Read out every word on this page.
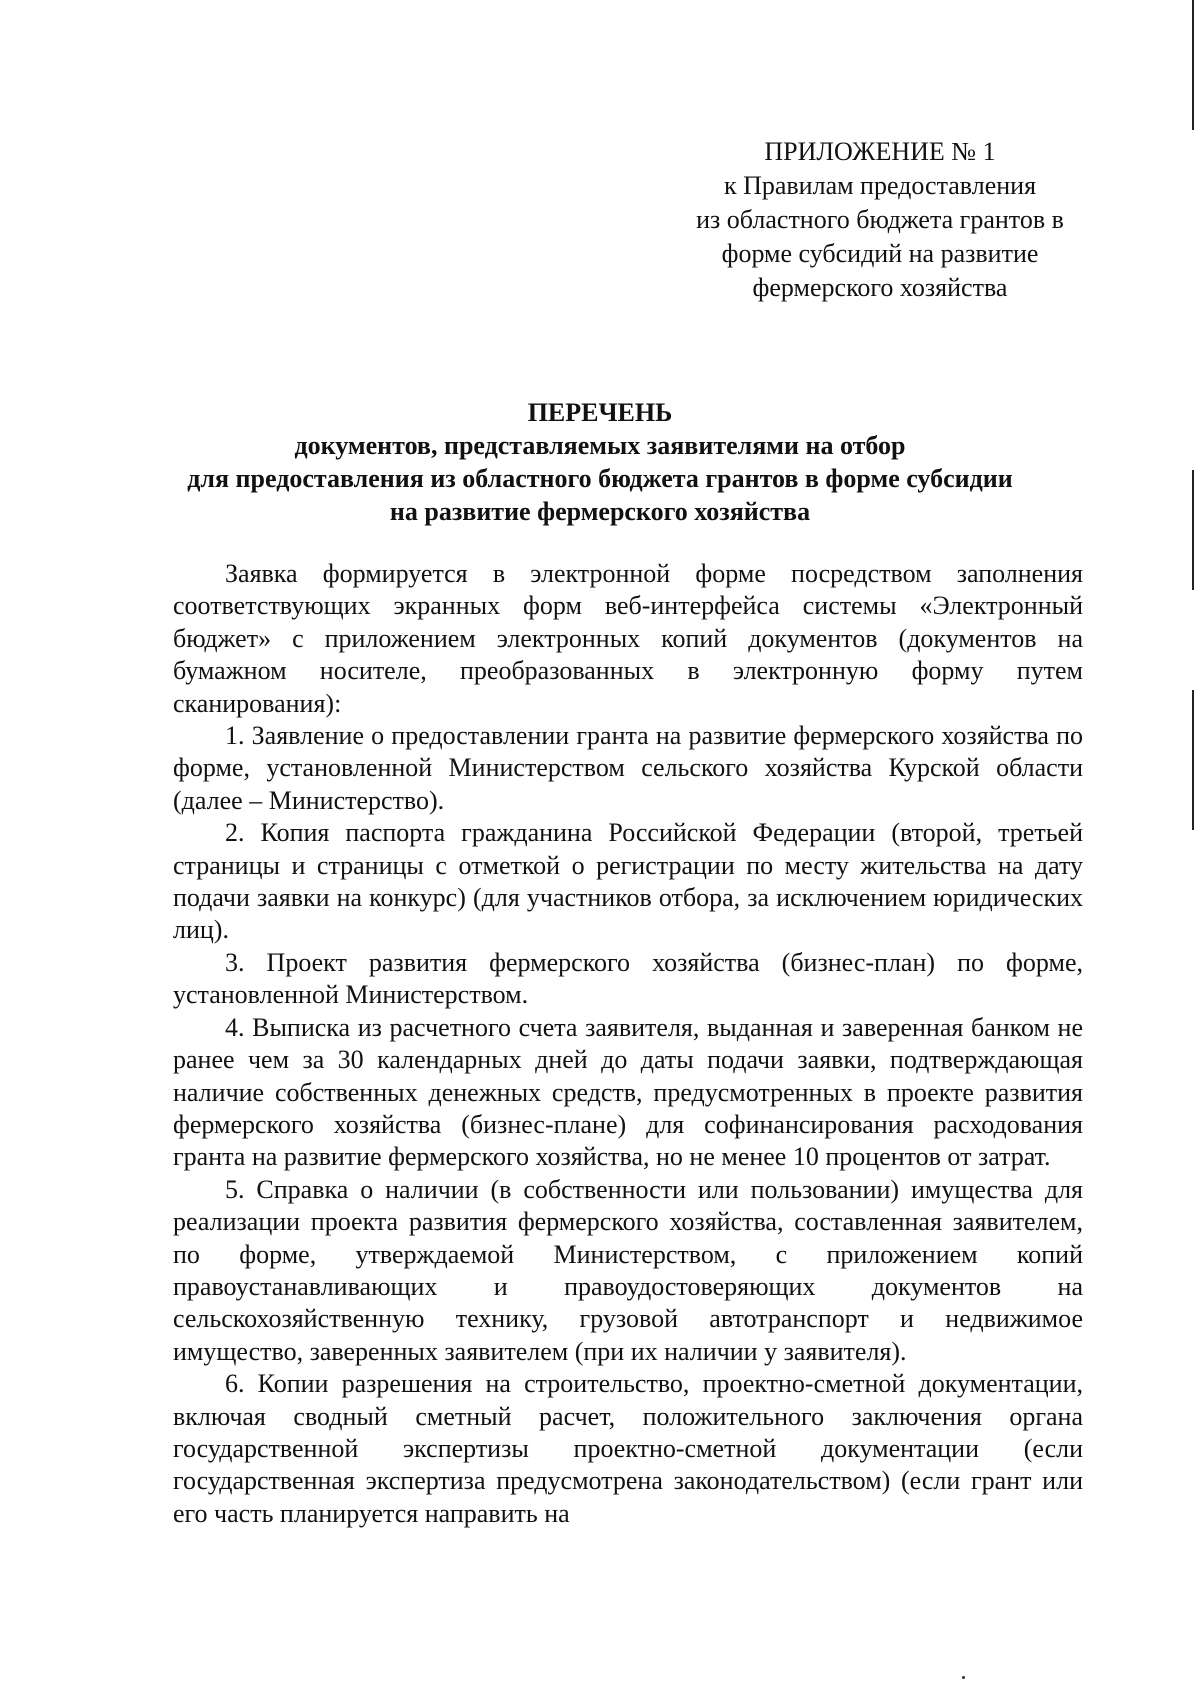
ПРИЛОЖЕНИЕ № 1
к Правилам предоставления
из областного бюджета грантов в
форме субсидий на развитие
фермерского хозяйства
ПЕРЕЧЕНЬ
документов, представляемых заявителями на отбор
для предоставления из областного бюджета грантов в форме субсидии
на развитие фермерского хозяйства

Заявка формируется в электронной форме посредством заполнения соответствующих экранных форм веб-интерфейса системы «Электронный бюджет» с приложением электронных копий документов (документов на бумажном носителе, преобразованных в электронную форму путем сканирования):

1. Заявление о предоставлении гранта на развитие фермерского хозяйства по форме, установленной Министерством сельского хозяйства Курской области (далее – Министерство).

2. Копия паспорта гражданина Российской Федерации (второй, третьей страницы и страницы с отметкой о регистрации по месту жительства на дату подачи заявки на конкурс) (для участников отбора, за исключением юридических лиц).

3. Проект развития фермерского хозяйства (бизнес-план) по форме, установленной Министерством.

4. Выписка из расчетного счета заявителя, выданная и заверенная банком не ранее чем за 30 календарных дней до даты подачи заявки, подтверждающая наличие собственных денежных средств, предусмотренных в проекте развития фермерского хозяйства (бизнес-плане) для софинансирования расходования гранта на развитие фермерского хозяйства, но не менее 10 процентов от затрат.

5. Справка о наличии (в собственности или пользовании) имущества для реализации проекта развития фермерского хозяйства, составленная заявителем, по форме, утверждаемой Министерством, с приложением копий правоустанавливающих и правоудостоверяющих документов на сельскохозяйственную технику, грузовой автотранспорт и недвижимое имущество, заверенных заявителем (при их наличии у заявителя).

6. Копии разрешения на строительство, проектно-сметной документации, включая сводный сметный расчет, положительного заключения органа государственной экспертизы проектно-сметной документации (если государственная экспертиза предусмотрена законодательством) (если грант или его часть планируется направить на
